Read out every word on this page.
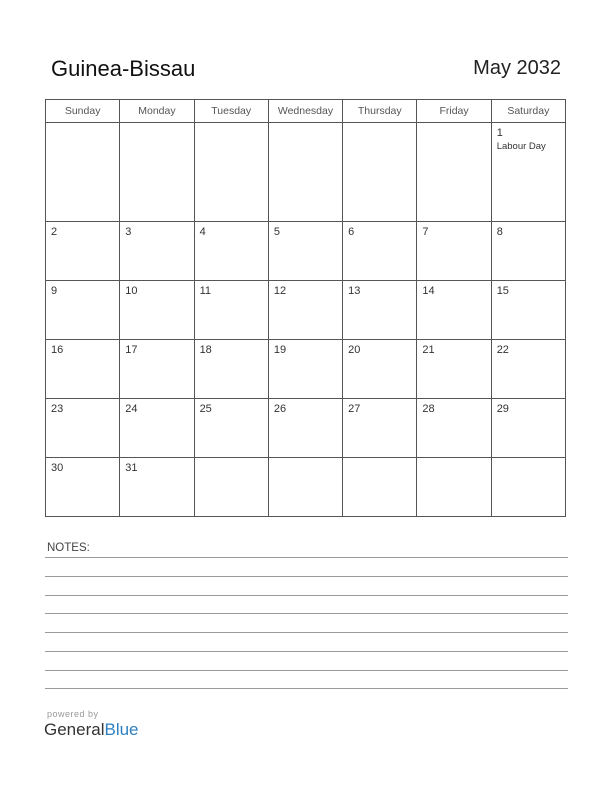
Guinea-Bissau	May 2032
Sunday	Monday	Tuesday	Wednesday	Thursday	Friday	Saturday

						1
Labour Day

2	3	4	5	6	7	8

9	10	11	12	13	14	15

16	17	18	19	20	21	22

23	24	25	26	27	28	29

30	31					

NOTES:
powered by
GeneralBlue
